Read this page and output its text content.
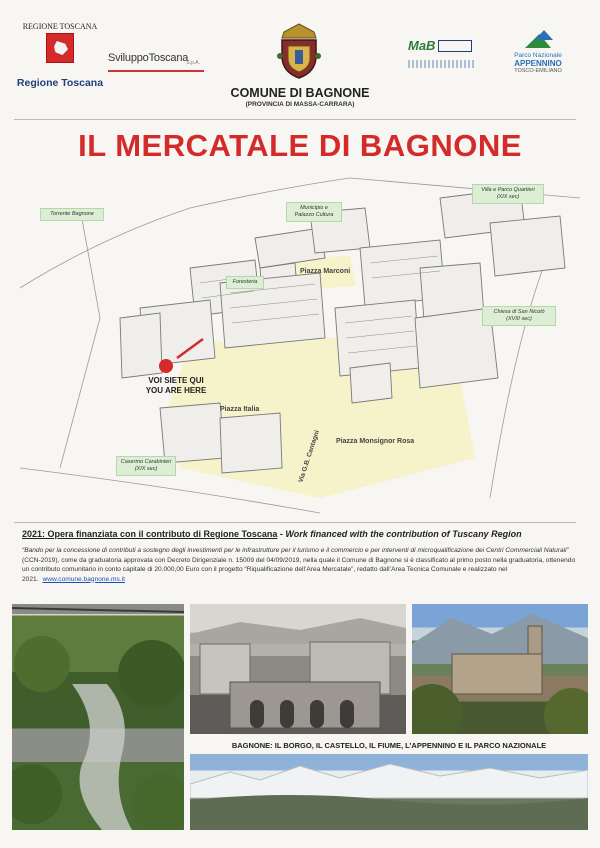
REGIONE TOSCANA
Regione Toscana
SviluppoToscana
S.p.A.
COMUNE DI BAGNONE
(PROVINCIA DI MASSA-CARRARA)
MaB
Parco Nazionale
APPENNINO
TOSCO-EMILIANO
IL MERCATALE DI BAGNONE
Torrente Bagnone
Municipio e Palazzo Cultura
Villa e Parco Quartieri (XIX sec)
Foresteria
Chiesa di San Nicolò (XVIII sec)
Casermo Carabinieri (XIX sec)
Piazza Marconi
Piazza Italia
Piazza Monsignor Rosa
Via G.B. Cantagni
VOI SIETE QUI
YOU ARE HERE
2021: Opera finanziata con il contributo di Regione Toscana - Work financed with the contribution of Tuscany Region
“Bando per la concessione di contributi a sostegno degli investimenti per le infrastrutture per il turismo e il commercio e per interventi di microqualificazione dei Centri Commerciali Naturali” (CCN-2019), come da graduatoria approvata con Decreto Dirigenziale n. 15009 del 04/09/2019, nella quale il Comune di Bagnone si è classificato al primo posto nella graduatoria, ottenendo un contributo comunitario in conto capitale di 20.000,00 Euro con il progetto “Riqualificazione dell’Area Mercatale”, redatto dall’Area Tecnica Comunale e realizzato nel 2021. www.comune.bagnone.ms.it
BAGNONE: IL BORGO, IL CASTELLO, IL FIUME, L’APPENNINO E IL PARCO NAZIONALE
